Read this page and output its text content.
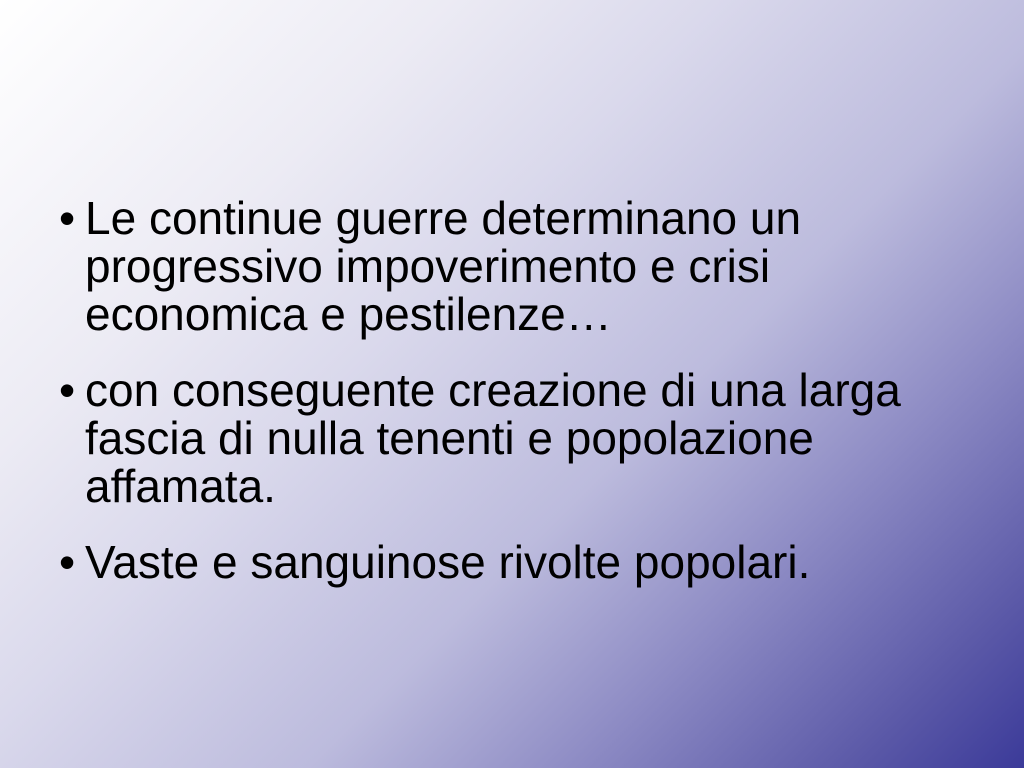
• Le continue guerre determinano un progressivo impoverimento e crisi economica e pestilenze…
• con conseguente creazione di una larga fascia di nulla tenenti e popolazione affamata.
• Vaste e sanguinose rivolte popolari.
